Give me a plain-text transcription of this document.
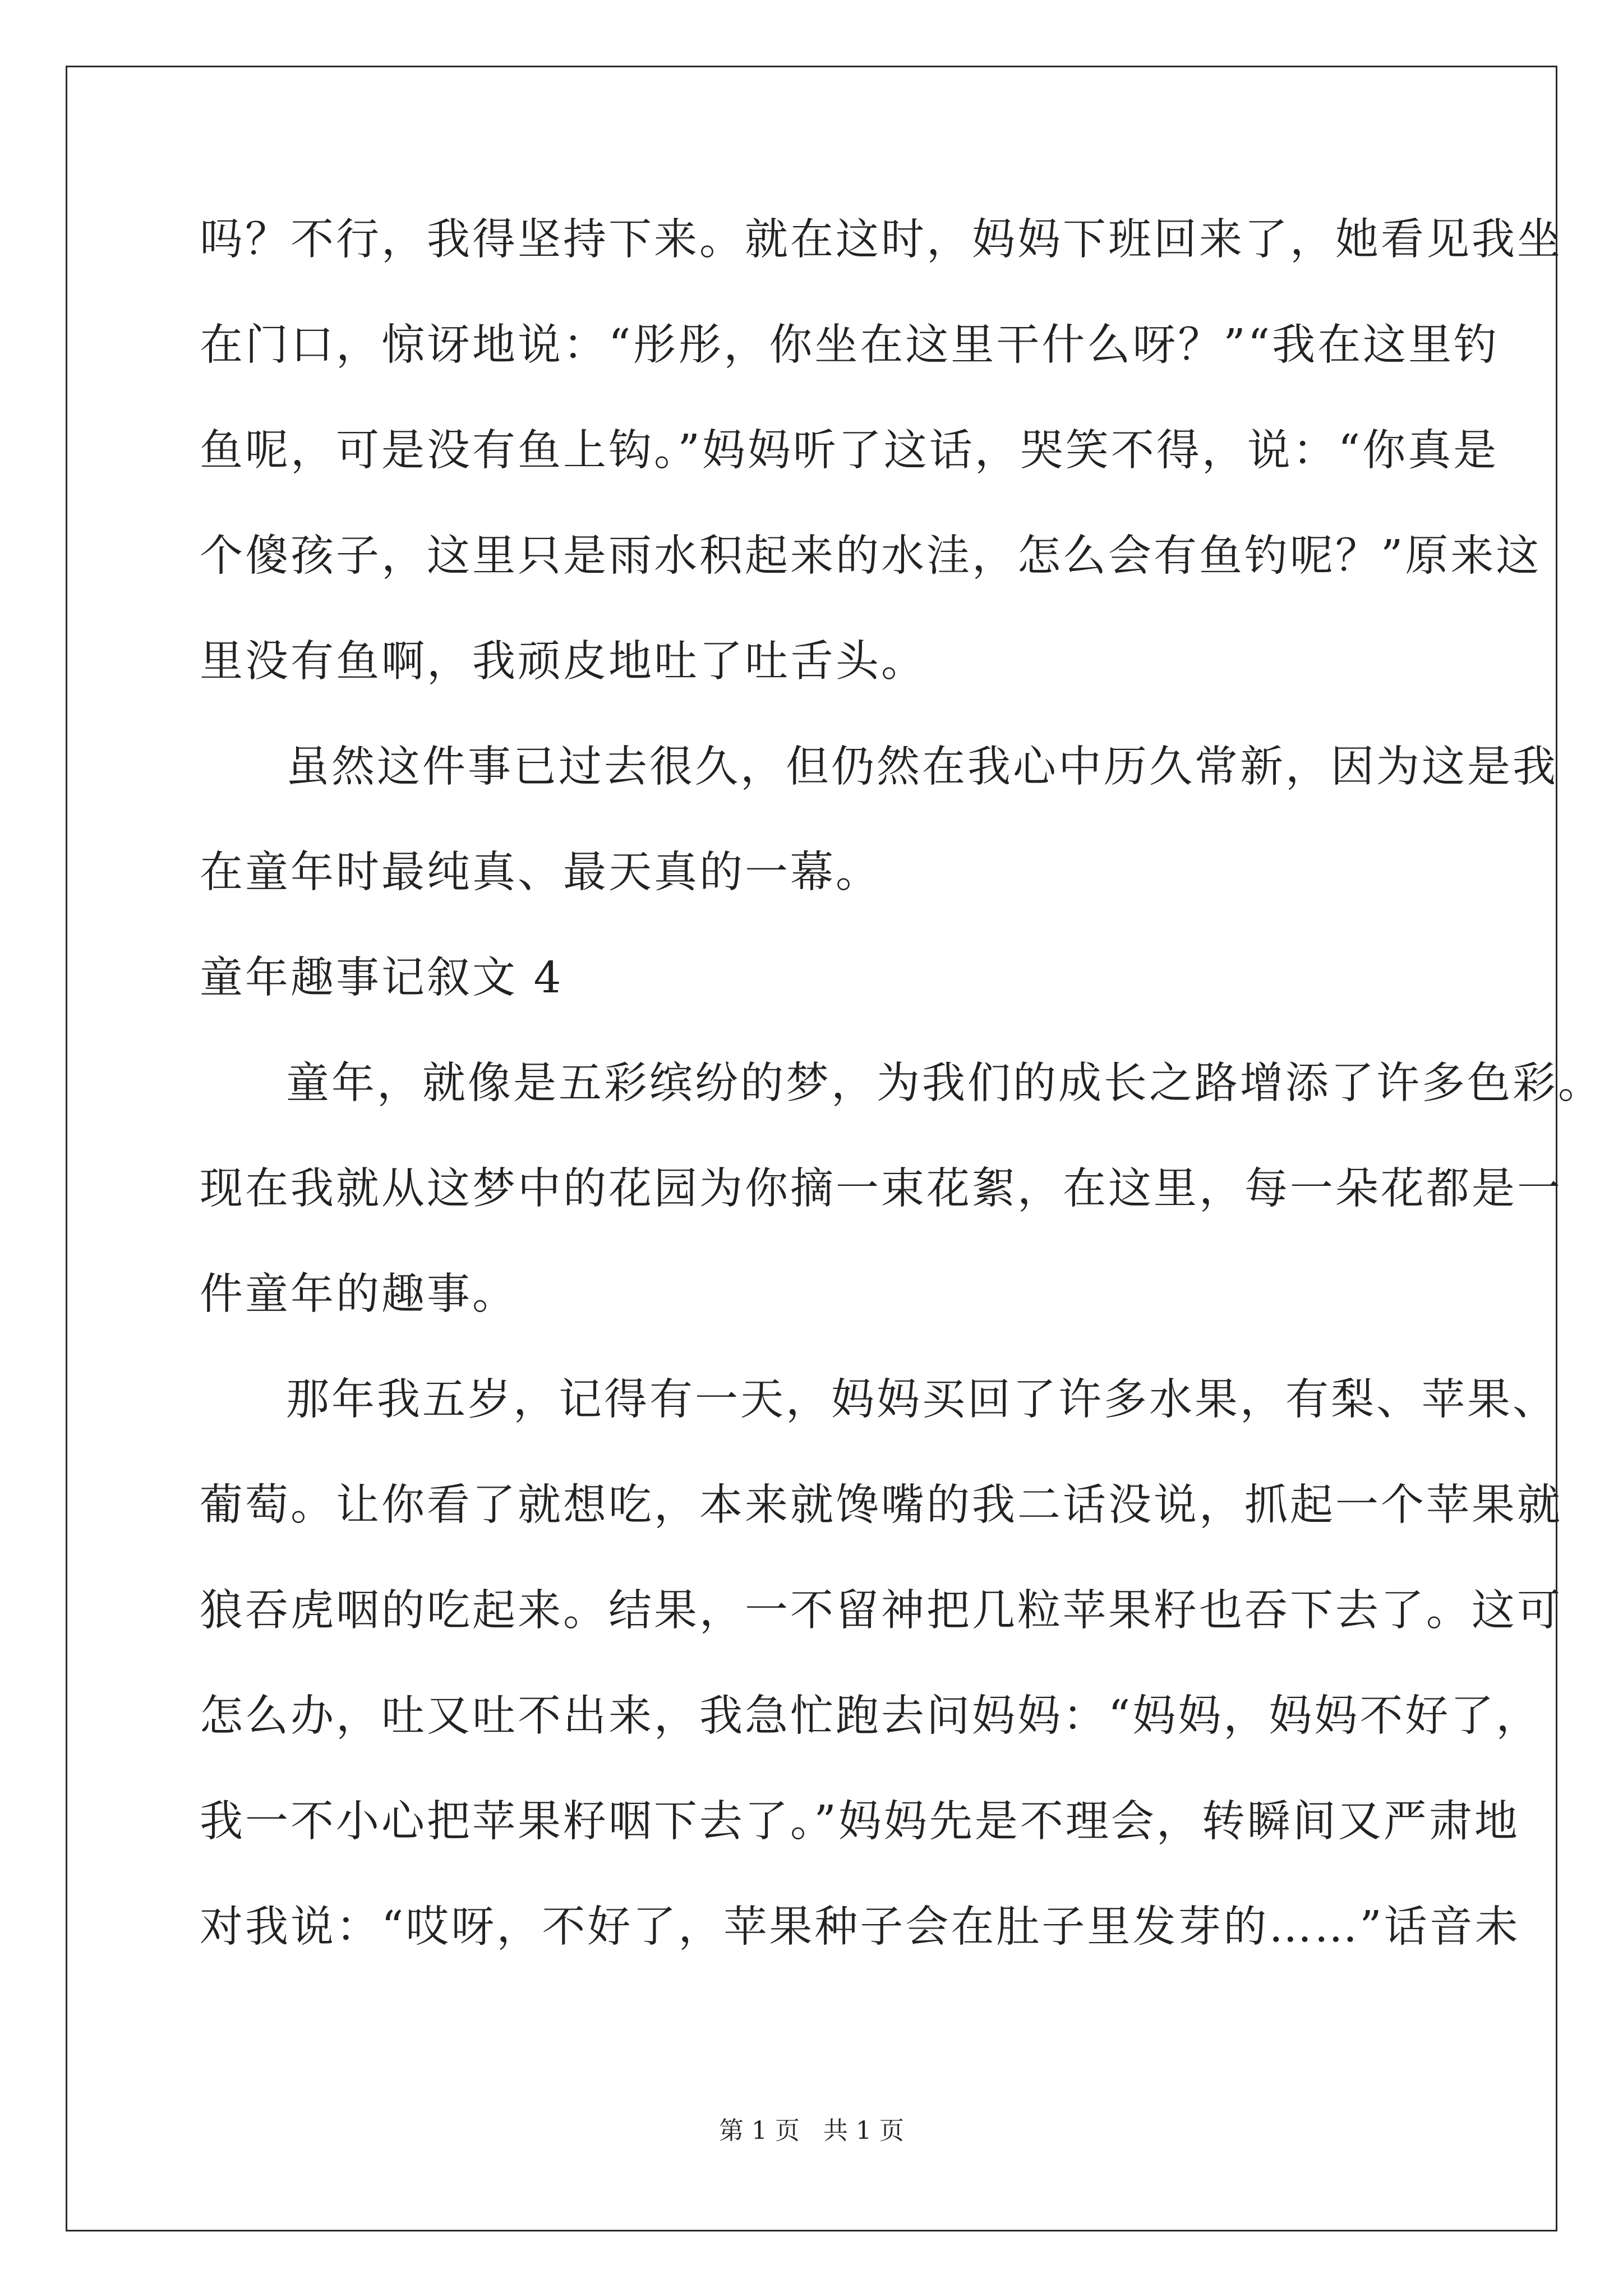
吗？不行，我得坚持下来。就在这时，妈妈下班回来了，她看见我坐
在门口，惊讶地说：“彤彤，你坐在这里干什么呀？”“我在这里钓
鱼呢，可是没有鱼上钩。”妈妈听了这话，哭笑不得，说：“你真是
个傻孩子，这里只是雨水积起来的水洼，怎么会有鱼钓呢？”原来这
里没有鱼啊，我顽皮地吐了吐舌头。
虽然这件事已过去很久，但仍然在我心中历久常新，因为这是我
在童年时最纯真、最天真的一幕。
童年趣事记叙文 4
童年，就像是五彩缤纷的梦，为我们的成长之路增添了许多色彩。
现在我就从这梦中的花园为你摘一束花絮，在这里，每一朵花都是一
件童年的趣事。
那年我五岁，记得有一天，妈妈买回了许多水果，有梨、苹果、
葡萄。让你看了就想吃，本来就馋嘴的我二话没说，抓起一个苹果就
狼吞虎咽的吃起来。结果，一不留神把几粒苹果籽也吞下去了。这可
怎么办，吐又吐不出来，我急忙跑去问妈妈：“妈妈，妈妈不好了，
我一不小心把苹果籽咽下去了。”妈妈先是不理会，转瞬间又严肃地
对我说：“哎呀，不好了，苹果种子会在肚子里发芽的……”话音未
第 1 页   共 1 页
